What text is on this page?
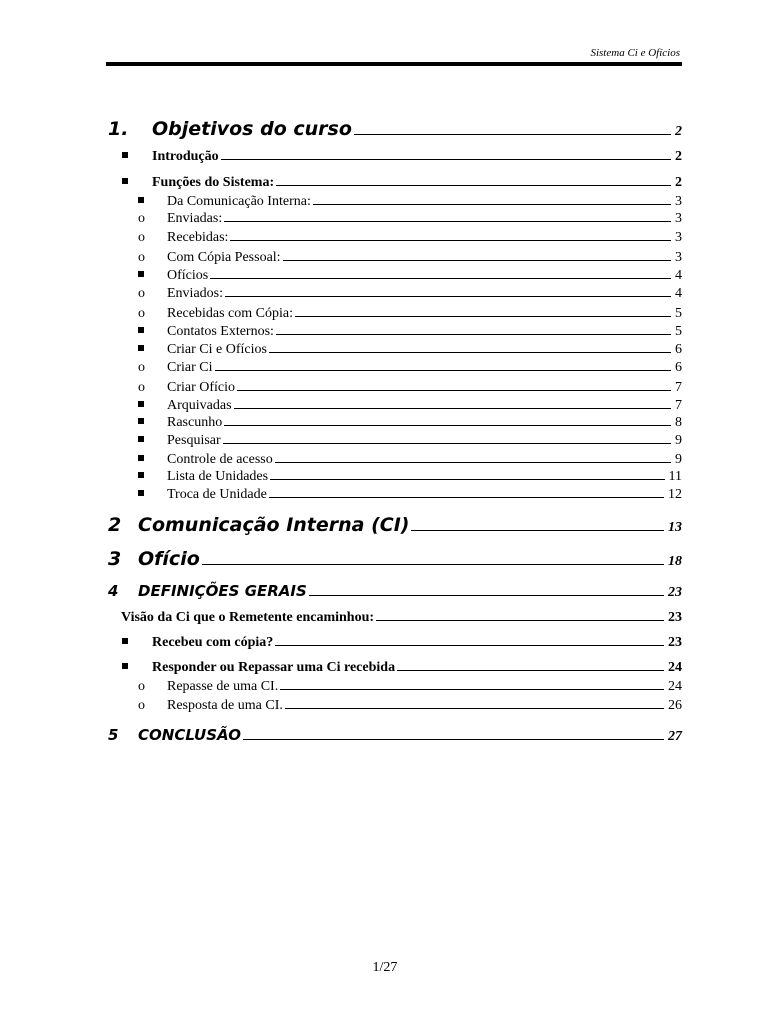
Sistema Ci e Ofícios
1. Objetivos do curso	2
Introdução	2
Funções do Sistema:	2
Da Comunicação Interna:	3
o Enviadas:	3
o Recebidas:	3
o Com Cópia Pessoal:	3
Ofícios	4
o Enviados:	4
o Recebidas com Cópia:	5
Contatos Externos:	5
Criar Ci e Ofícios	6
o Criar Ci	6
o Criar Ofício	7
Arquivadas	7
Rascunho	8
Pesquisar	9
Controle de acesso	9
Lista de Unidades	11
Troca de Unidade	12
2 Comunicação Interna (CI)	13
3 Ofício	18
4 DEFINIÇÕES GERAIS	23
Visão da Ci que o Remetente encaminhou:	23
Recebeu com cópia?	23
Responder ou Repassar uma Ci recebida	24
o Repasse de uma CI.	24
o Resposta de uma CI.	26
5 CONCLUSÃO	27
1/27
